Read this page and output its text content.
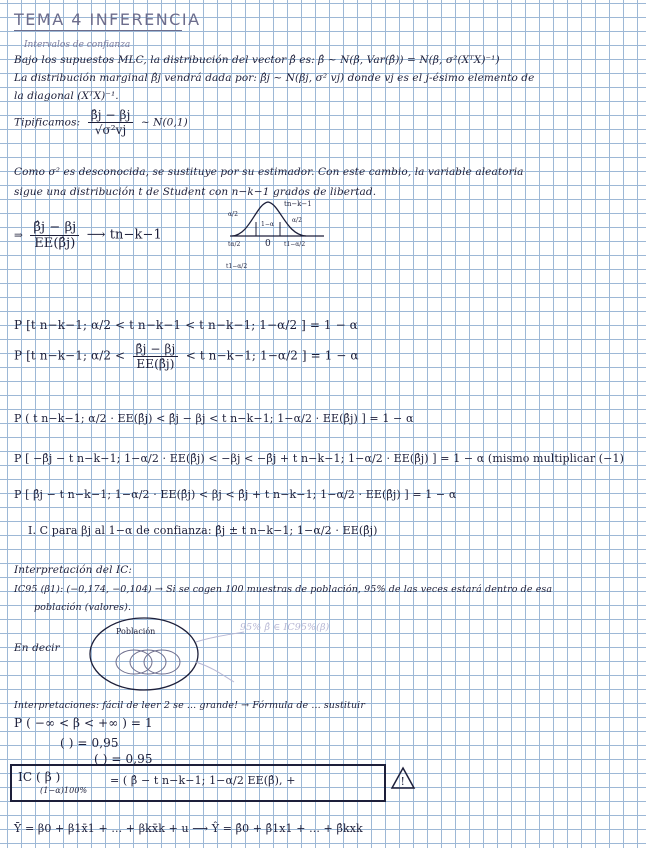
TEMA 4 INFERENCIA
Intervalos de confianza
Bajo los supuestos MLC, la distribución del vector β̂ es: β̂ ~ N(β, Var(β̂)) = N(β, σ²(XᵀX)⁻¹)
La distribución marginal β̂j vendrá dada por: β̂j ~ N(βj, σ² vj) donde vj es el j-ésimo elemento de
la diagonal (XᵀX)⁻¹.
Tipificamos: $\frac{\betâj - \beta j}{\text{√σ²vj}}$ ~ N(0,1)
Como σ² es desconocida, se sustituye por su estimador. Con este cambio, la variable aleatoria
sigue una distribución t de Student con n−k−1 grados de libertad.
⇒ $\frac{\betâj - \beta j}{EE(\betâj)}$ ⟶ tn−k−1
tn−k−1
1−α
0
α/2
tα/2	t1−α/2
α/2
t1−α/2
P [t n−k−1; α/2 < t n−k−1 < t n−k−1; 1−α/2 ] = 1 − α
P [t n−k−1; $\alpha/2 < \frac{\betâj - \beta j}{EE(\betâj)} < t$ n−k−1; 1−α/2 ] = 1 − α
P ( t n−k−1; α/2 · EE(β̂j) < β̂j − βj < t n−k−1; 1−α/2 · EE(β̂j) ] = 1 − α
P [ −β̂j − t n−k−1; 1−α/2 · EE(β̂j) < −βj < −β̂j + t n−k−1; 1−α/2 · EE(β̂j) ] = 1 − α (mismo multiplicar (−1)
P [ β̂j − t n−k−1; 1−α/2 · EE(β̂j) < βj < β̂j + t n−k−1; 1−α/2 · EE(β̂j) ] = 1 − α
I. C para βj al 1−α de confianza: β̂j ± t n−k−1; 1−α/2 · EE(β̂j)
Interpretación del IC:
IC95 (β1): (−0,174, −0,104) → Si se cogen 100 muestras de población, 95% de las veces estará dentro de esa
población (valores).
En decir
Población	95% β̂ ∈ IC95%(β)
Interpretaciones: fácil de leer 2 se ... grande! → Fórmula de ... sustituir
P ( −∞ < β < +∞ ) = 1
( ) = 0,95
( ) = 0,95
IC ( β )
(1−α)100%
= ( β̂ − t n−k−1; 1−α/2 EE(β̂), +	!
Ȳ = β0 + β1x̄1 + ... + βkx̄k + u ⟶ Ŷ = β̂0 + β̂1x1 + ... + β̂kxk
